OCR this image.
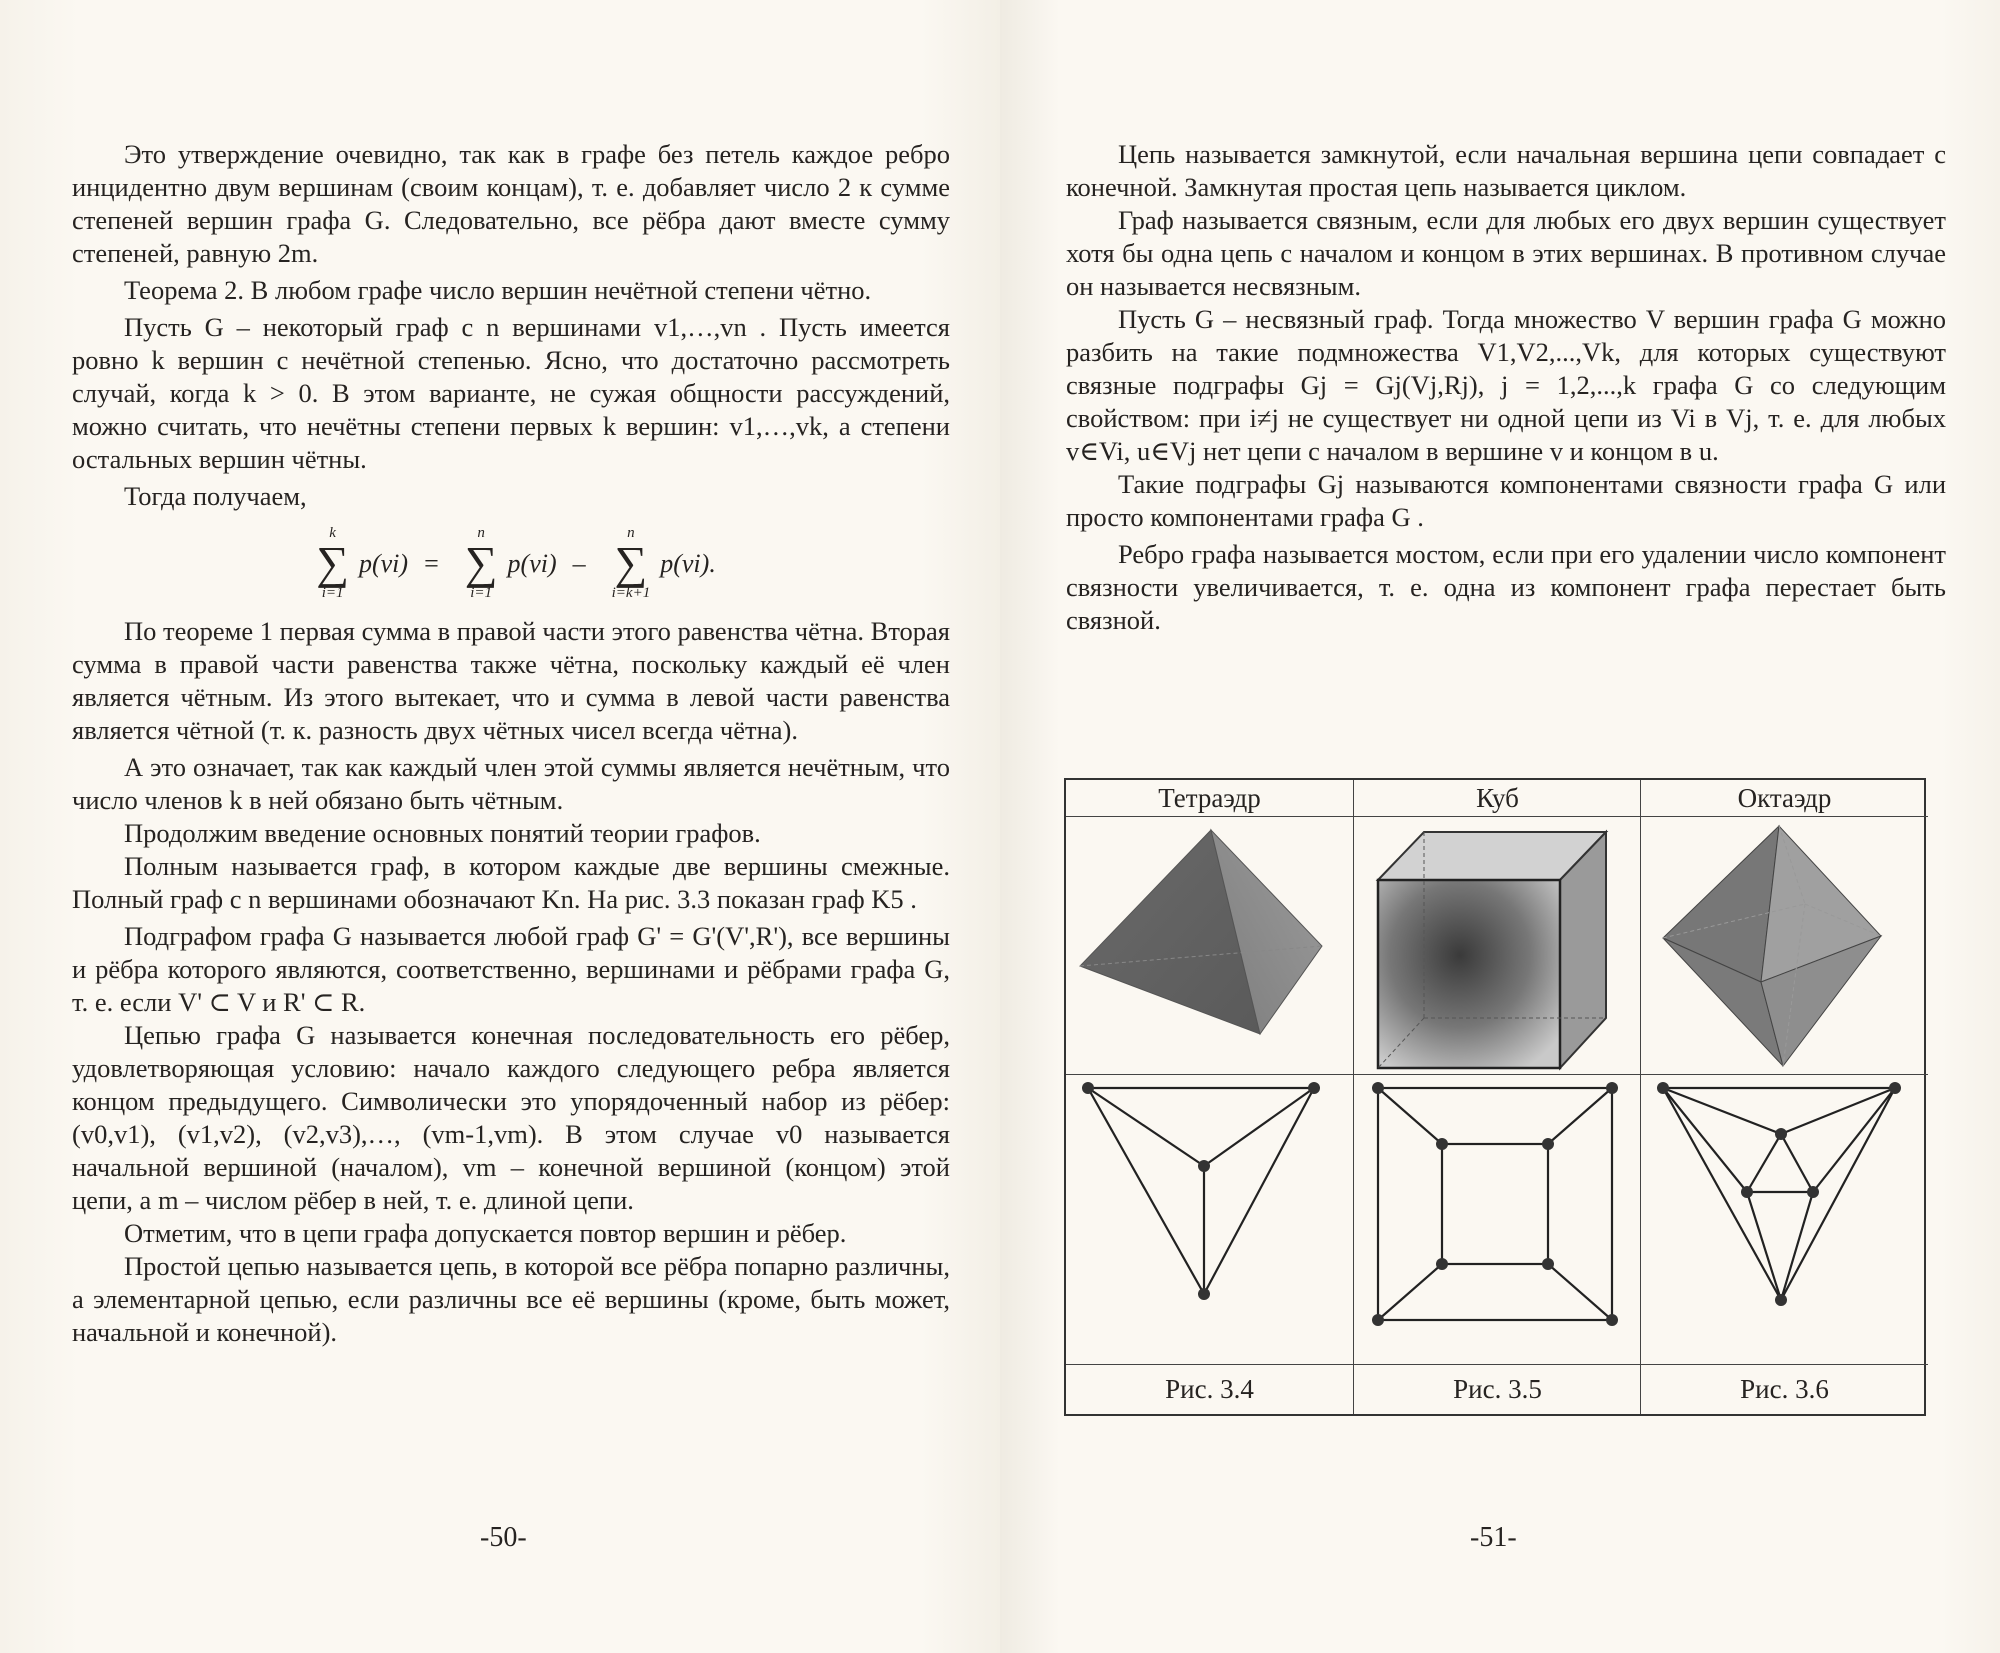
Это утверждение очевидно, так как в графе без петель каждое ребро инцидентно двум вершинам (своим концам), т. е. добавляет число 2 к сумме степеней вершин графа G. Следовательно, все рёбра дают вместе сумму степеней, равную 2m.

Теорема 2. В любом графе число вершин нечётной степени чётно.

Пусть G – некоторый граф с n вершинами v1,…,vn . Пусть имеется ровно k вершин с нечётной степенью. Ясно, что достаточно рассмотреть случай, когда k > 0. В этом варианте, не сужая общности рассуждений, можно считать, что нечётны степени первых k вершин: v1,…,vk, а степени остальных вершин чётны.

Тогда получаем,

k
∑
i=1
p(vi) =
n
∑
i=1
p(vi) –
n
∑
i=k+1
p(vi) .

По теореме 1 первая сумма в правой части этого равенства чётна. Вторая сумма в правой части равенства также чётна, поскольку каждый её член является чётным. Из этого вытекает, что и сумма в левой части равенства является чётной (т. к. разность двух чётных чисел всегда чётна).

А это означает, так как каждый член этой суммы является нечётным, что число членов k в ней обязано быть чётным.

Продолжим введение основных понятий теории графов.

Полным называется граф, в котором каждые две вершины смежные. Полный граф с n вершинами обозначают Kn. На рис. 3.3 показан граф K5 .

Подграфом графа G называется любой граф G' = G'(V',R'), все вершины и рёбра которого являются, соответственно, вершинами и рёбрами графа G, т. е. если V' ⊂ V и R' ⊂ R.

Цепью графа G называется конечная последовательность его рёбер, удовлетворяющая условию: начало каждого следующего ребра является концом предыдущего. Символически это упорядоченный набор из рёбер: (v0,v1), (v1,v2), (v2,v3),…, (vm-1,vm). В этом случае v0 называется начальной вершиной (началом), vm – конечной вершиной (концом) этой цепи, а m – числом рёбер в ней, т. е. длиной цепи.

Отметим, что в цепи графа допускается повтор вершин и рёбер.

Простой цепью называется цепь, в которой все рёбра попарно различны, а элементарной цепью, если различны все её вершины (кроме, быть может, начальной и конечной).

-50-

Цепь называется замкнутой, если начальная вершина цепи совпадает с конечной. Замкнутая простая цепь называется циклом.

Граф называется связным, если для любых его двух вершин существует хотя бы одна цепь с началом и концом в этих вершинах. В противном случае он называется несвязным.

Пусть G – несвязный граф. Тогда множество V вершин графа G можно разбить на такие подмножества V1,V2,...,Vk, для которых существуют связные подграфы Gj = Gj(Vj,Rj), j = 1,2,...,k графа G со следующим свойством: при i≠j не существует ни одной цепи из Vi в Vj, т. е. для любых v∈Vi, u∈Vj нет цепи с началом в вершине v и концом в u.

Такие подграфы Gj называются компонентами связности графа G или просто компонентами графа G .

Ребро графа называется мостом, если при его удалении число компонент связности увеличивается, т. е. одна из компонент графа перестает быть связной.

Тетраэдр
Рис. 3.4
Куб
Рис. 3.5
Октаэдр
Рис. 3.6
-51-
